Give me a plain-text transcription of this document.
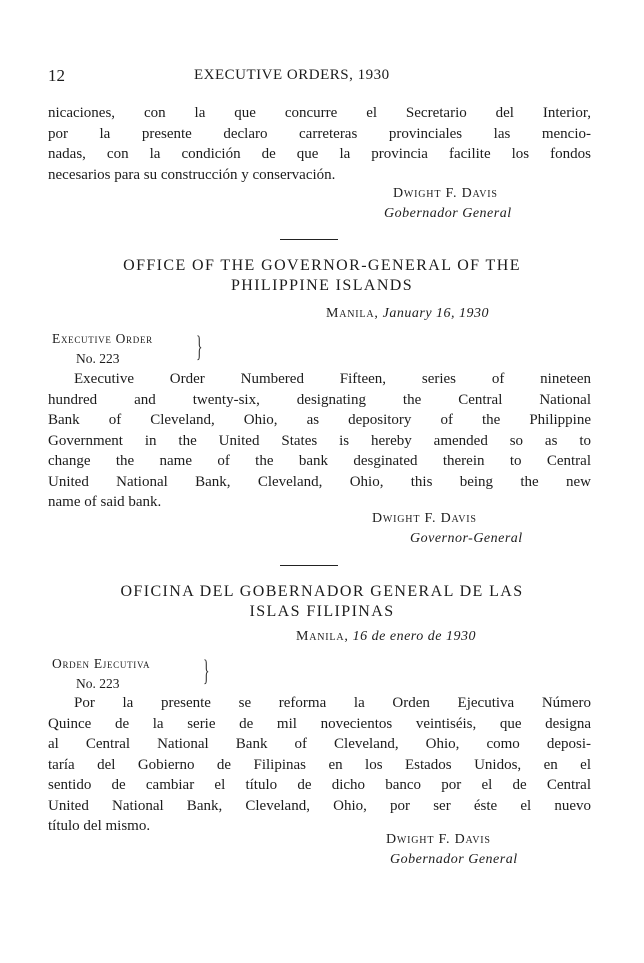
12	EXECUTIVE ORDERS, 1930
nicaciones, con la que concurre el Secretario del Interior,
por la presente declaro carreteras provinciales las mencio-
nadas, con la condición de que la provincia facilite los fondos
necesarios para su construcción y conservación.
Dwight F. Davis
Gobernador General
OFFICE OF THE GOVERNOR-GENERAL OF THE
PHILIPPINE ISLANDS
Manila, January 16, 1930
Executive Order
No. 223	}
Executive Order Numbered Fifteen, series of nineteen
hundred and twenty-six, designating the Central National
Bank of Cleveland, Ohio, as depository of the Philippine
Government in the United States is hereby amended so as to
change the name of the bank desginated therein to Central
United National Bank, Cleveland, Ohio, this being the new
name of said bank.
Dwight F. Davis
Governor-General
OFICINA DEL GOBERNADOR GENERAL DE LAS
ISLAS FILIPINAS
Manila, 16 de enero de 1930
Orden Ejecutiva
No. 223	}
Por la presente se reforma la Orden Ejecutiva Número
Quince de la serie de mil novecientos veintiséis, que designa
al Central National Bank of Cleveland, Ohio, como deposi-
taría del Gobierno de Filipinas en los Estados Unidos, en el
sentido de cambiar el título de dicho banco por el de Central
United National Bank, Cleveland, Ohio, por ser éste el nuevo
título del mismo.
Dwight F. Davis
Gobernador General
